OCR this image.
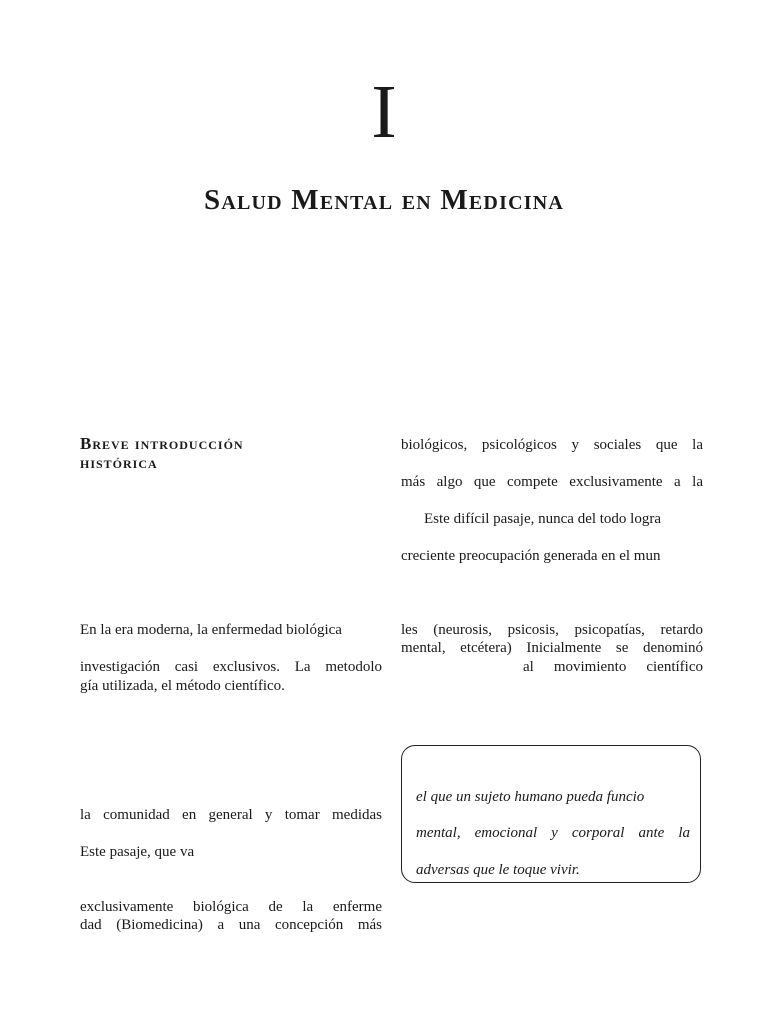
I
Salud Mental en Medicina
Breve introducción
histórica
En la era moderna, la enfermedad biológica
investigación casi exclusivos. La metodolo
gía utilizada, el método científico.
la comunidad en general y tomar medidas
Este pasaje, que va
exclusivamente biológica de la enferme
dad (Biomedicina) a una concepción más
biológicos, psicológicos y sociales que la
más algo que compete exclusivamente a la
Este difícil pasaje, nunca del todo logra
creciente preocupación generada en el mun
les (neurosis, psicosis, psicopatías, retardo
mental, etcétera) Inicialmente se denominó
al movimiento científico
el que un sujeto humano pueda funcio
mental, emocional y corporal ante la
adversas que le toque vivir.
